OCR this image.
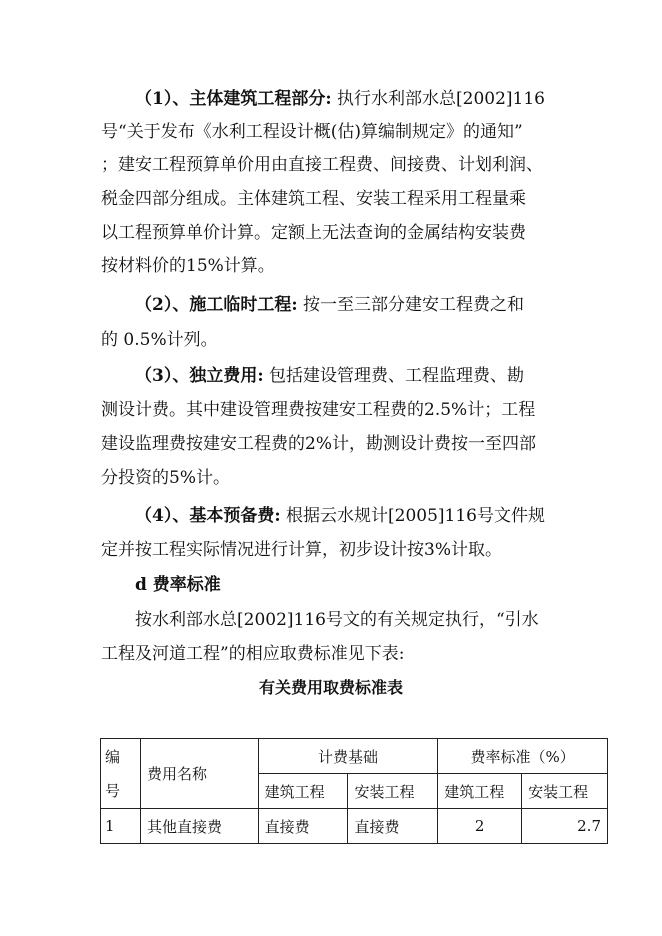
（1）、主体建筑工程部分: 执行水利部水总[2002]116
号“关于发布《水利工程设计概(估)算编制规定》的通知”
；建安工程预算单价用由直接工程费、间接费、计划利润、
税金四部分组成。主体建筑工程、安装工程采用工程量乘
以工程预算单价计算。定额上无法查询的金属结构安装费
按材料价的15%计算。
（2）、施工临时工程: 按一至三部分建安工程费之和
的 0.5%计列。
（3）、独立费用: 包括建设管理费、工程监理费、勘
测设计费。其中建设管理费按建安工程费的2.5%计；工程
建设监理费按建安工程费的2%计，勘测设计费按一至四部
分投资的5%计。
（4）、基本预备费: 根据云水规计[2005]116号文件规
定并按工程实际情况进行计算，初步设计按3%计取。
d 费率标准
按水利部水总[2002]116号文的有关规定执行，“引水
工程及河道工程”的相应取费标准见下表:
有关费用取费标准表
编
号	费用名称	计费基础		费率标准（%）	
		建筑工程	安装工程	建筑工程	安装工程
1	其他直接费	直接费	直接费	2	2.7
